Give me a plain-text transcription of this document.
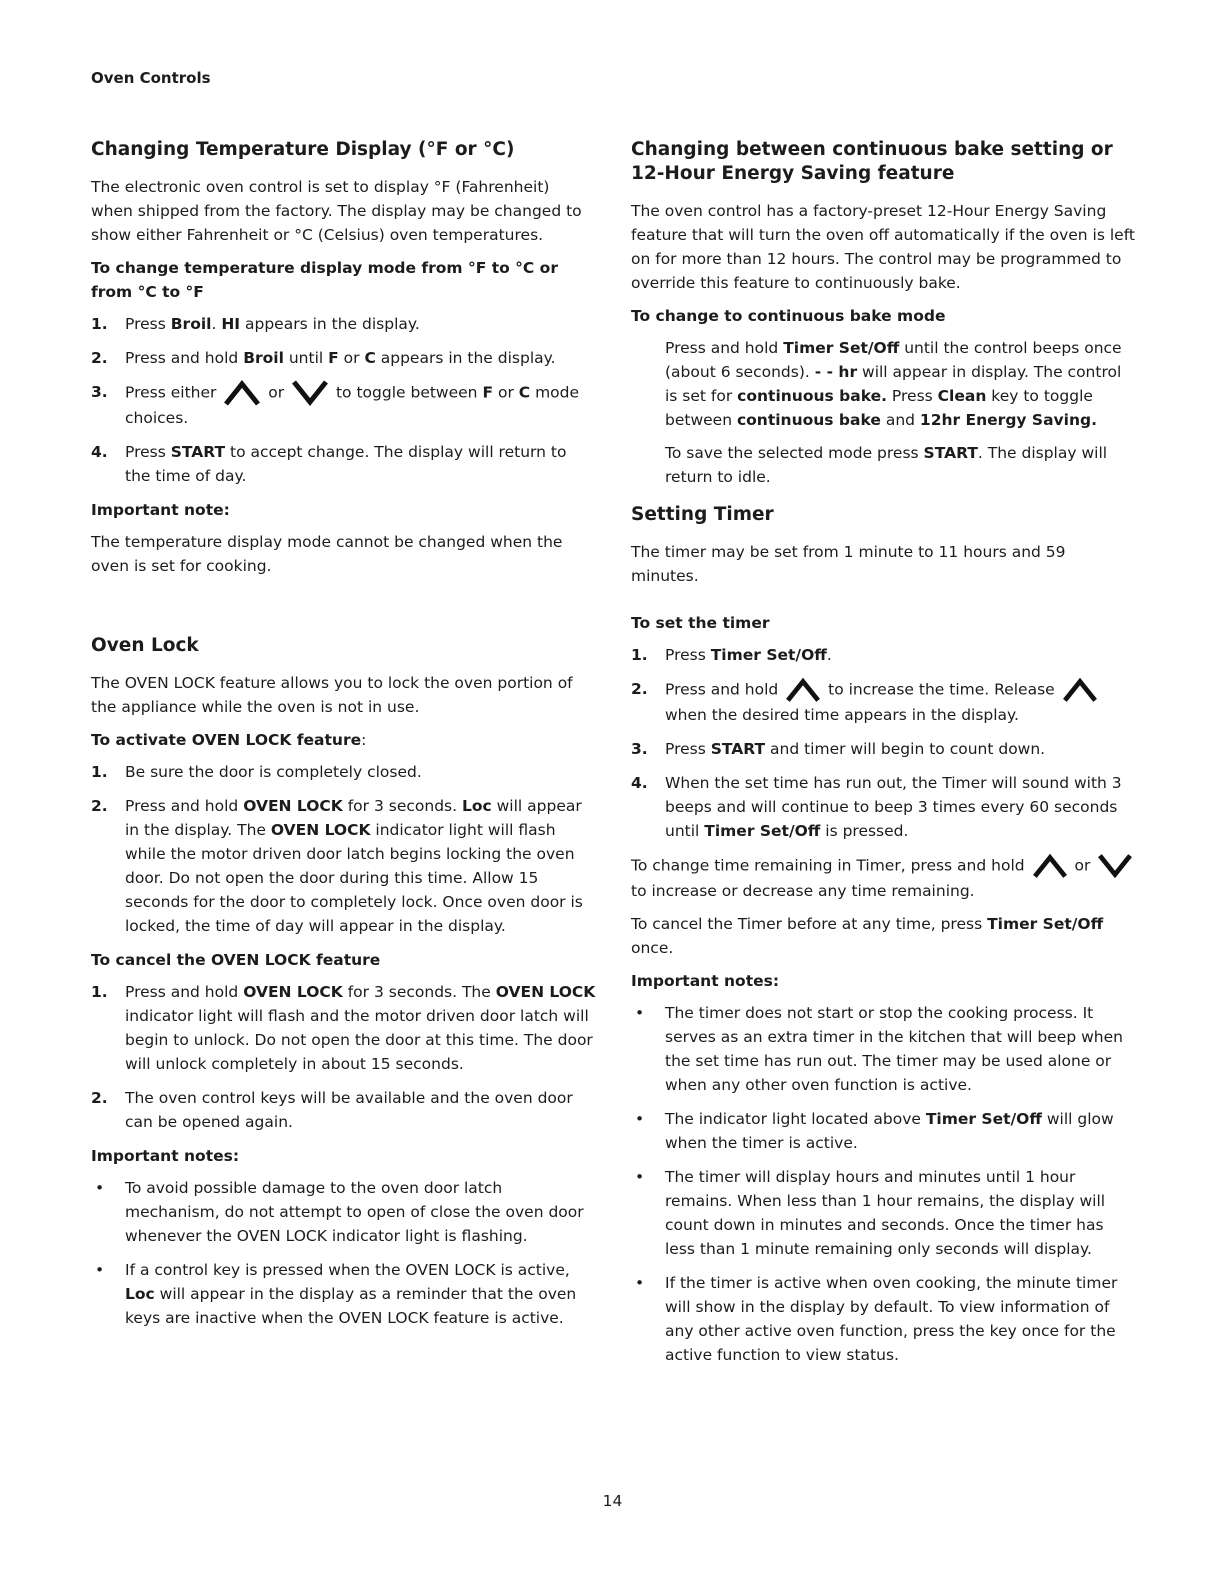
Oven Controls
Changing Temperature Display (°F or °C)

The electronic oven control is set to display °F (Fahrenheit) when shipped from the factory. The display may be changed to show either Fahrenheit or °C (Celsius) oven temperatures.

To change temperature display mode from °F to °C or from °C to °F
1. Press Broil. HI appears in the display.
2. Press and hold Broil until F or C appears in the display.
3. Press either	or	to toggle between F or C mode choices.
4. Press START to accept change. The display will return to the time of day.
Important note:

The temperature display mode cannot be changed when the oven is set for cooking.

Oven Lock

The OVEN LOCK feature allows you to lock the oven portion of the appliance while the oven is not in use.

To activate OVEN LOCK feature:
1. Be sure the door is completely closed.
2. Press and hold OVEN LOCK for 3 seconds. Loc will appear in the display. The OVEN LOCK indicator light will flash while the motor driven door latch begins locking the oven door. Do not open the door during this time. Allow 15 seconds for the door to completely lock. Once oven door is locked, the time of day will appear in the display.
To cancel the OVEN LOCK feature
1. Press and hold OVEN LOCK for 3 seconds. The OVEN LOCK indicator light will flash and the motor driven door latch will begin to unlock. Do not open the door at this time. The door will unlock completely in about 15 seconds.
2. The oven control keys will be available and the oven door can be opened again.
Important notes:
• To avoid possible damage to the oven door latch mechanism, do not attempt to open of close the oven door whenever the OVEN LOCK indicator light is flashing.
• If a control key is pressed when the OVEN LOCK is active, Loc will appear in the display as a reminder that the oven keys are inactive when the OVEN LOCK feature is active.
Changing between continuous bake setting or 12-Hour Energy Saving feature

The oven control has a factory-preset 12-Hour Energy Saving feature that will turn the oven off automatically if the oven is left on for more than 12 hours. The control may be programmed to override this feature to continuously bake.

To change to continuous bake mode

Press and hold Timer Set/Off until the control beeps once (about 6 seconds). - - hr will appear in display. The control is set for continuous bake. Press Clean key to toggle between continuous bake and 12hr Energy Saving.

To save the selected mode press START. The display will return to idle.

Setting Timer

The timer may be set from 1 minute to 11 hours and 59 minutes.

To set the timer
1. Press Timer Set/Off.
2. Press and hold	to increase the time. Release
when the desired time appears in the display.
3. Press START and timer will begin to count down.
4. When the set time has run out, the Timer will sound with 3 beeps and will continue to beep 3 times every 60 seconds until Timer Set/Off is pressed.

To change time remaining in Timer, press and hold	or
to increase or decrease any time remaining.

To cancel the Timer before at any time, press Timer Set/Off once.

Important notes:
• The timer does not start or stop the cooking process. It serves as an extra timer in the kitchen that will beep when the set time has run out. The timer may be used alone or when any other oven function is active.
• The indicator light located above Timer Set/Off will glow when the timer is active.
• The timer will display hours and minutes until 1 hour remains. When less than 1 hour remains, the display will count down in minutes and seconds. Once the timer has less than 1 minute remaining only seconds will display.
• If the timer is active when oven cooking, the minute timer will show in the display by default. To view information of any other active oven function, press the key once for the active function to view status.
14
